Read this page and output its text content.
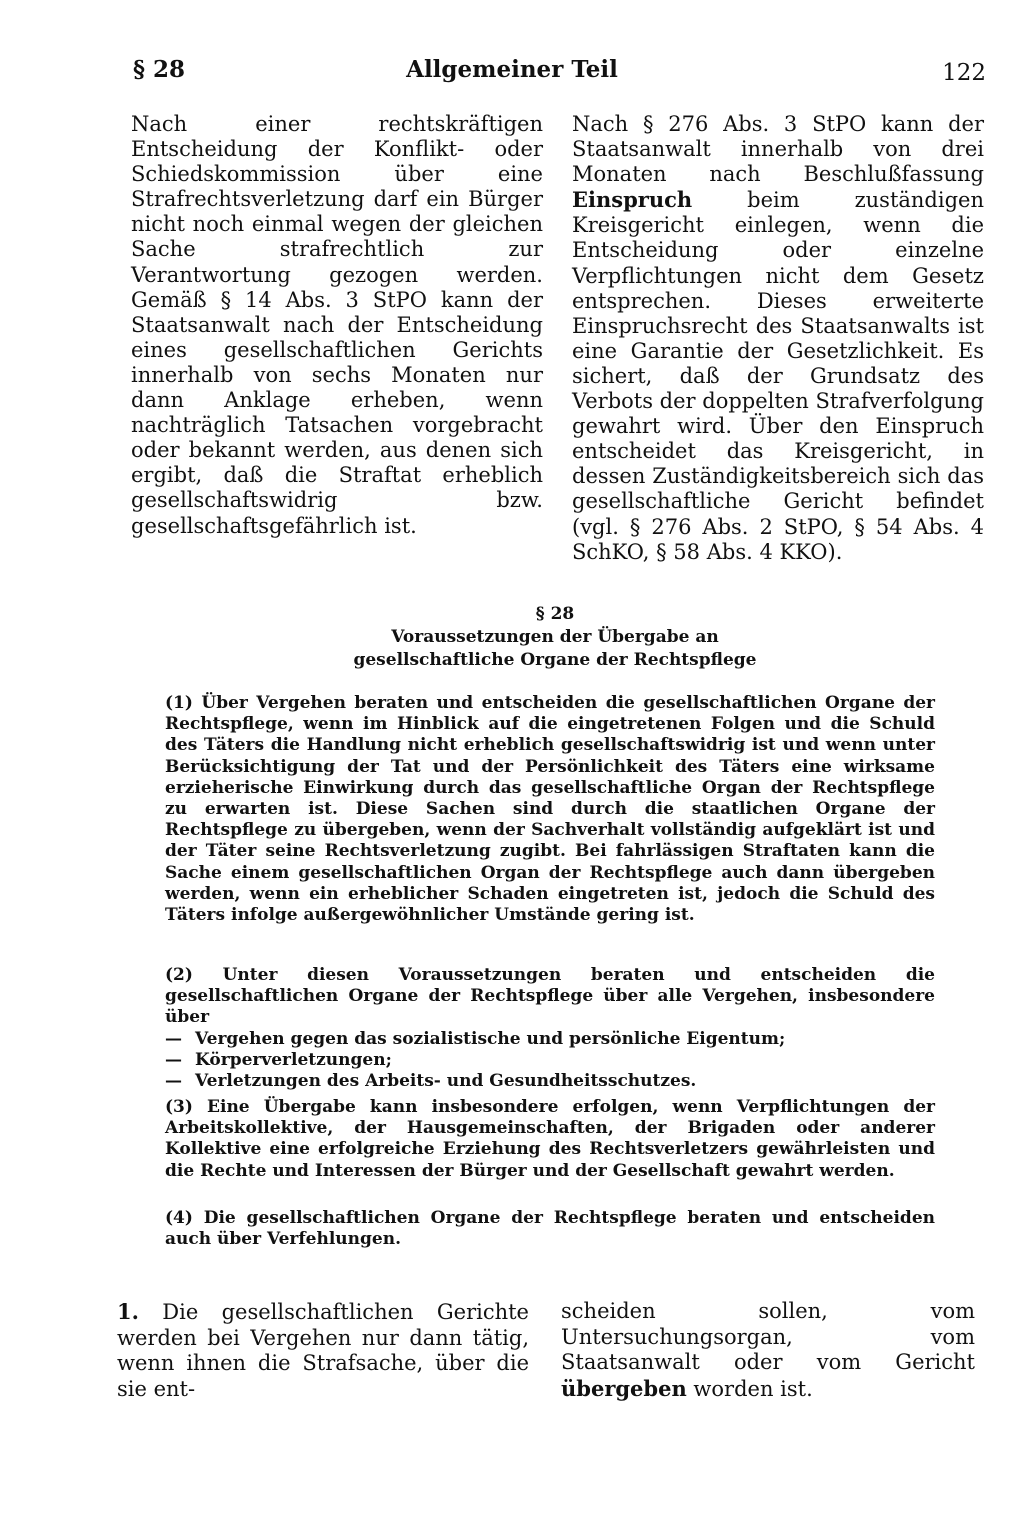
§ 28	Allgemeiner Teil	122

Nach einer rechtskräftigen Entscheidung der Konflikt- oder Schiedskommission über eine Strafrechtsverletzung darf ein Bürger nicht noch einmal wegen der gleichen Sache strafrechtlich zur Verantwortung gezogen werden. Gemäß § 14 Abs. 3 StPO kann der Staatsanwalt nach der Entscheidung eines gesellschaftlichen Gerichts innerhalb von sechs Monaten nur dann Anklage erheben, wenn nachträglich Tatsachen vorgebracht oder bekannt werden, aus denen sich ergibt, daß die Straftat erheblich gesellschaftswidrig bzw. gesellschaftsgefährlich ist.

Nach § 276 Abs. 3 StPO kann der Staatsanwalt innerhalb von drei Monaten nach Beschlußfassung Einspruch	beim zuständigen Kreisgericht einlegen, wenn die Entscheidung oder einzelne Verpflichtungen nicht dem Gesetz entsprechen. Dieses erweiterte Einspruchsrecht des Staatsanwalts ist eine Garantie der Gesetzlichkeit. Es sichert, daß der Grundsatz des Verbots der doppelten Strafverfolgung gewahrt wird. Über den Einspruch entscheidet das Kreisgericht, in dessen Zuständigkeitsbereich sich das gesellschaftliche Gericht befindet (vgl. § 276 Abs. 2 StPO, § 54 Abs. 4 SchKO, § 58 Abs. 4 KKO).

§ 28
Voraussetzungen der Übergabe an
gesellschaftliche Organe der Rechtspflege

(1) Über Vergehen beraten und entscheiden die gesellschaftlichen Organe der Rechtspflege, wenn im Hinblick auf die eingetretenen Folgen und die Schuld des Täters die Handlung nicht erheblich gesellschaftswidrig ist und wenn unter Berücksichtigung der Tat und der Persönlichkeit des Täters eine wirksame erzieherische Einwirkung durch das gesellschaftliche Organ der Rechtspflege zu erwarten ist. Diese Sachen sind durch die staatlichen Organe der Rechtspflege zu übergeben, wenn der Sachverhalt vollständig aufgeklärt ist und der Täter seine Rechtsverletzung zugibt. Bei fahrlässigen Straftaten kann die Sache einem gesellschaftlichen Organ der Rechtspflege auch dann übergeben werden, wenn ein erheblicher Schaden eingetreten ist, jedoch die Schuld des Täters infolge außergewöhnlicher Umstände gering ist.

(2) Unter diesen Voraussetzungen beraten und entscheiden die gesellschaftlichen Organe der Rechtspflege über alle Vergehen, insbesondere über
— Vergehen gegen das sozialistische und persönliche Eigentum;
— Körperverletzungen;
— Verletzungen des Arbeits- und Gesundheitsschutzes.

(3) Eine Übergabe kann insbesondere erfolgen, wenn Verpflichtungen der Arbeitskollektive, der Hausgemeinschaften, der Brigaden oder anderer Kollektive eine erfolgreiche Erziehung des Rechtsverletzers gewährleisten und die Rechte und Interessen der Bürger und der Gesellschaft gewahrt werden.

(4) Die gesellschaftlichen Organe der Rechtspflege beraten und entscheiden auch über Verfehlungen.

1. Die gesellschaftlichen Gerichte werden bei Vergehen nur dann tätig, wenn ihnen die Strafsache, über die sie ent-
scheiden sollen, vom Untersuchungsorgan, vom Staatsanwalt oder vom Gericht übergeben worden ist.
